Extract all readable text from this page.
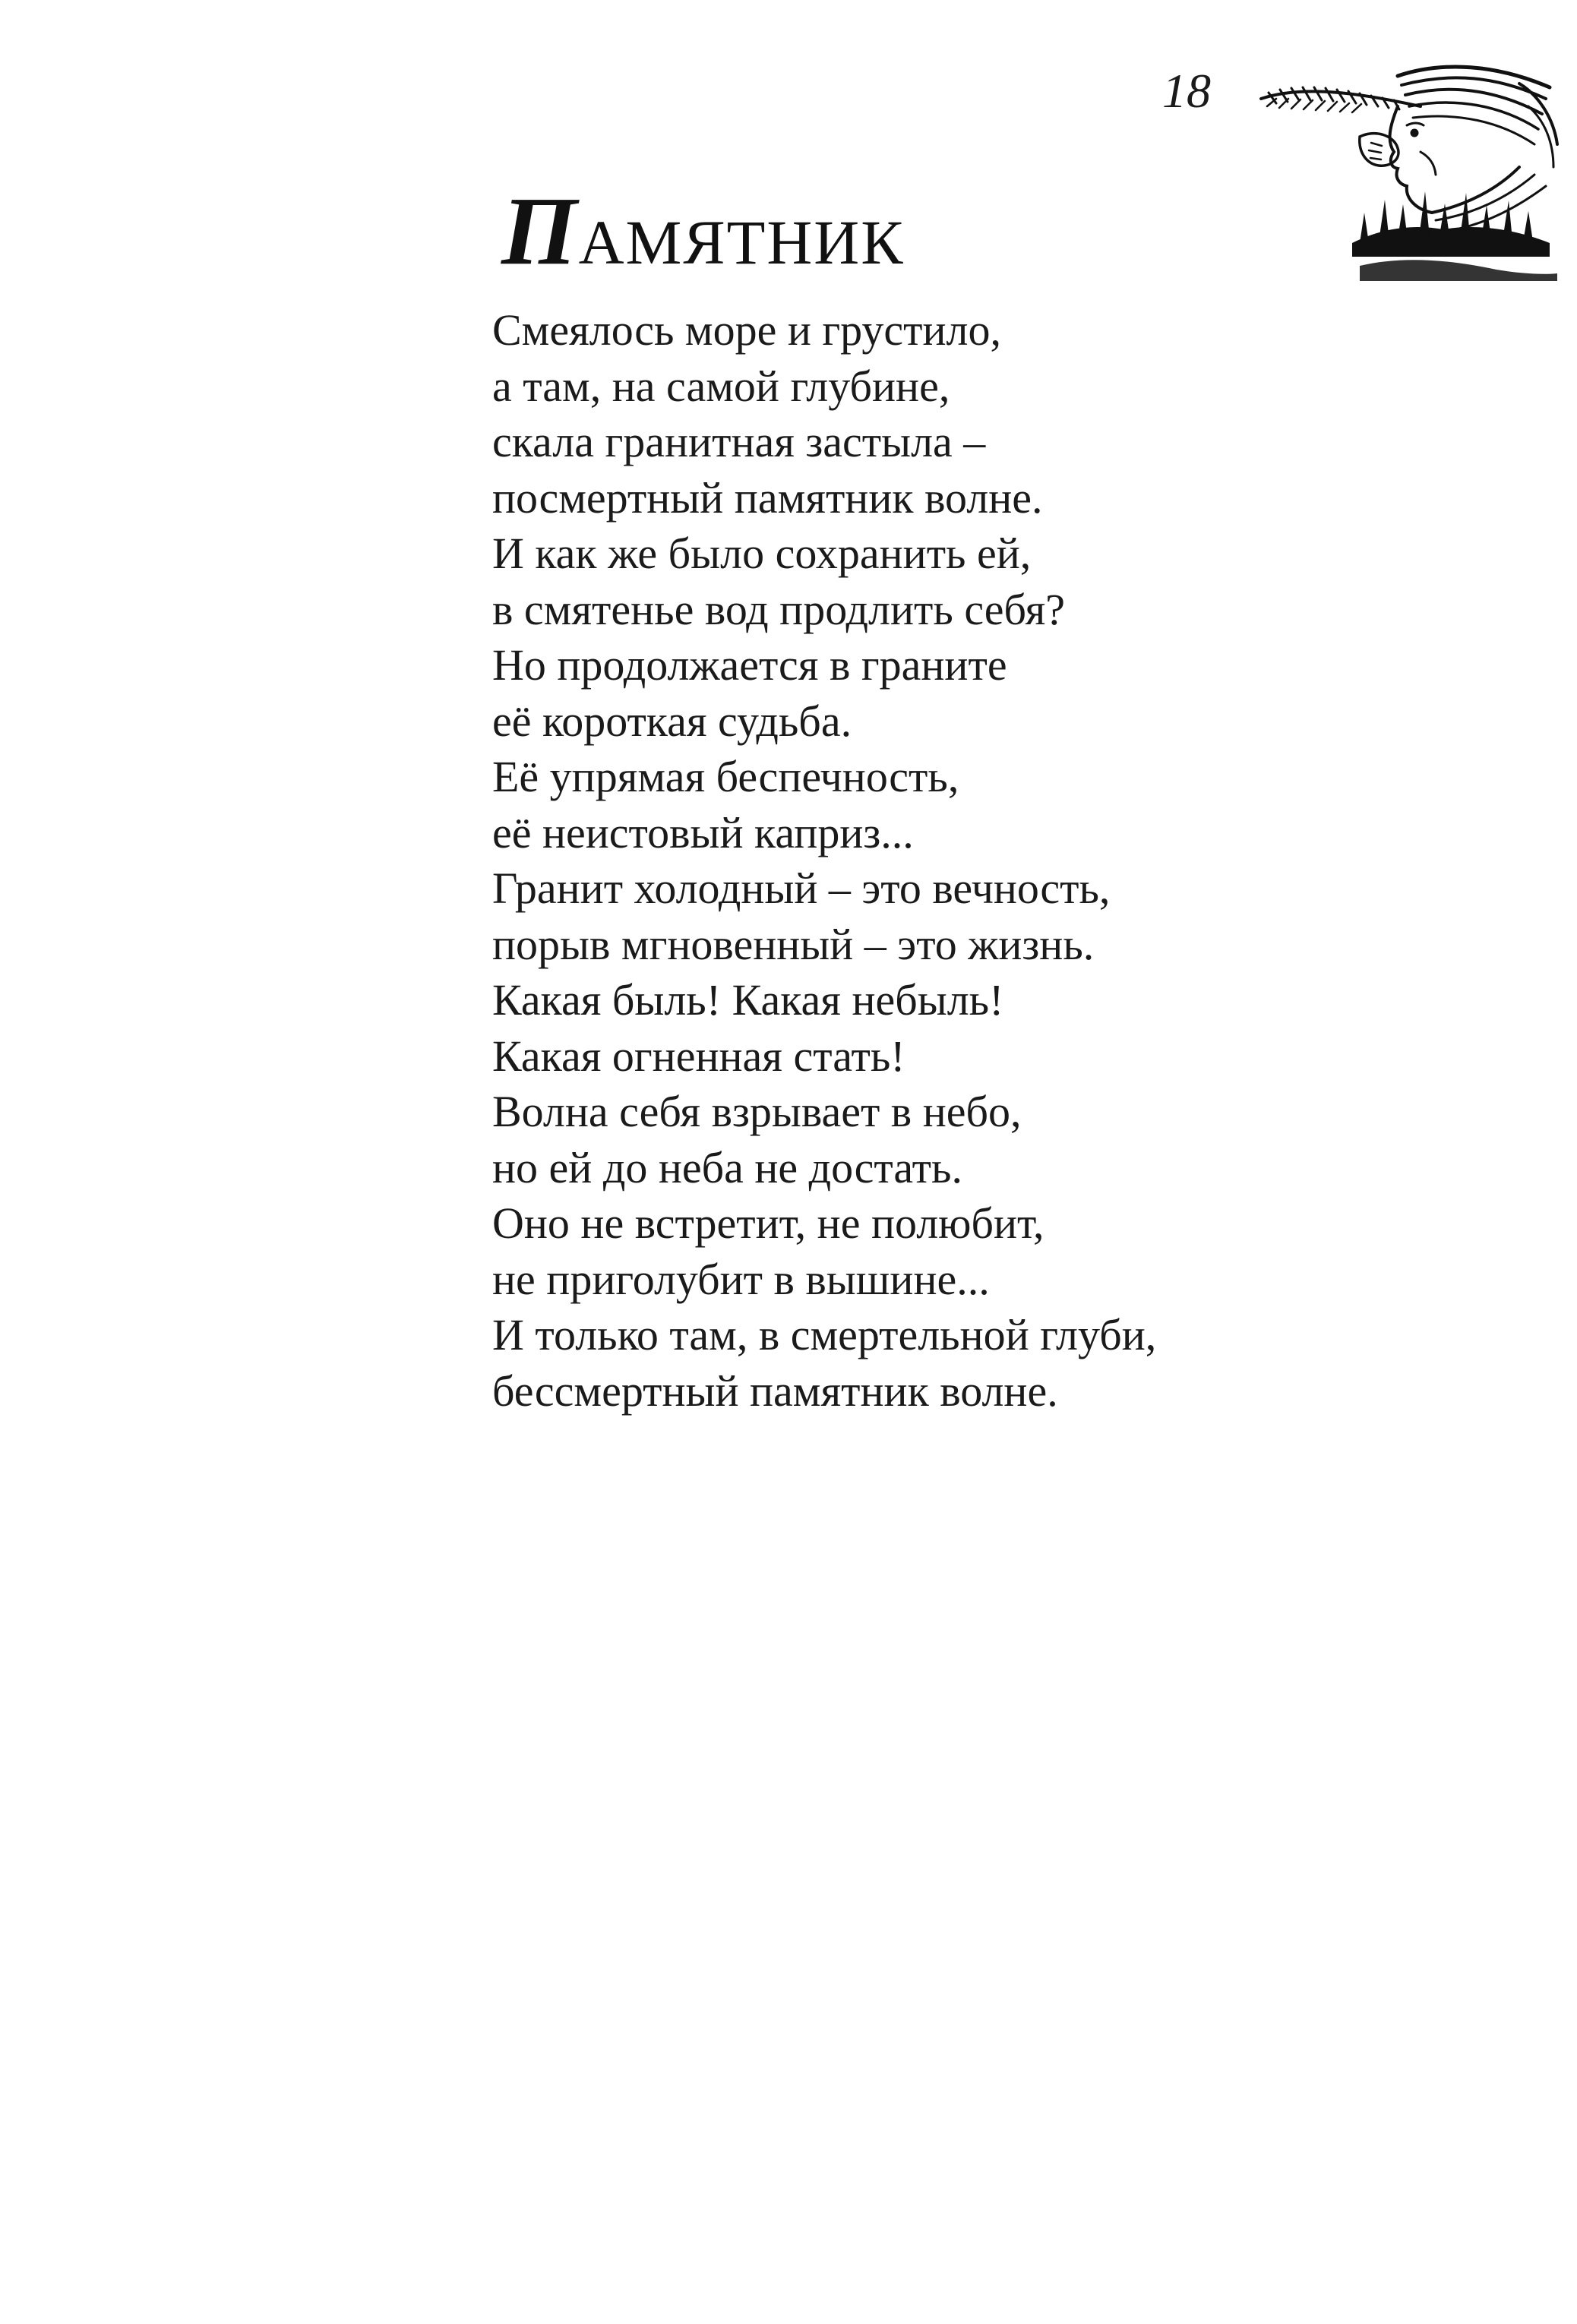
18
Памятник
Смеялось море и грустило,
а там, на самой глубине,
скала гранитная застыла –
посмертный памятник волне.
И как же было сохранить ей,
в смятенье вод продлить себя?
Но продолжается в граните
её короткая судьба.
Её упрямая беспечность,
её неистовый каприз...
Гранит холодный – это вечность,
порыв мгновенный – это жизнь.
Какая быль! Какая небыль!
Какая огненная стать!
Волна себя взрывает в небо,
но ей до неба не достать.
Оно не встретит, не полюбит,
не приголубит в вышине...
И только там, в смертельной глуби,
бессмертный памятник волне.
